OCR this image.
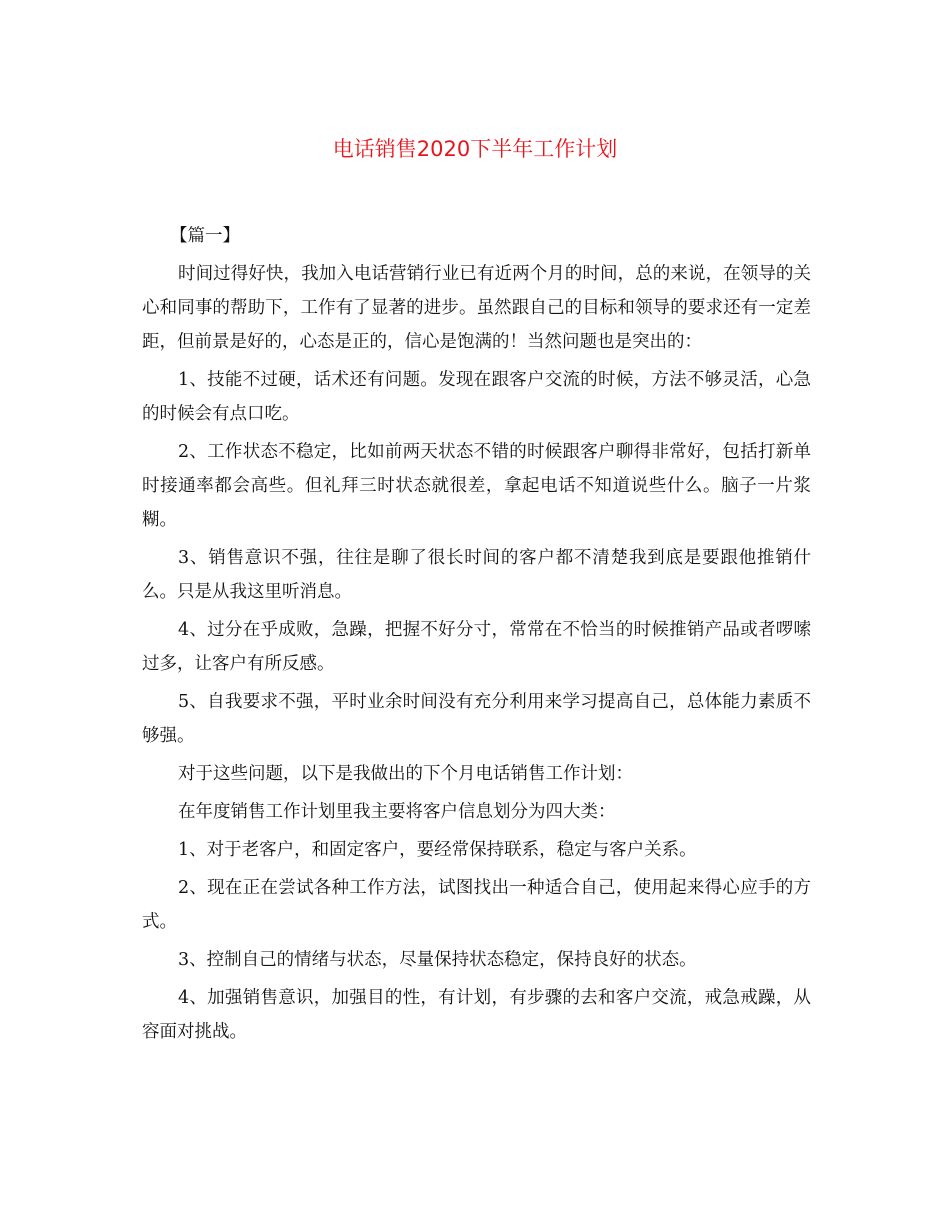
电话销售2020下半年工作计划

【篇一】

时间过得好快，我加入电话营销行业已有近两个月的时间，总的来说，在领导的关心和同事的帮助下，工作有了显著的进步。虽然跟自己的目标和领导的要求还有一定差距，但前景是好的，心态是正的，信心是饱满的！当然问题也是突出的：

1、技能不过硬，话术还有问题。发现在跟客户交流的时候，方法不够灵活，心急的时候会有点口吃。

2、工作状态不稳定，比如前两天状态不错的时候跟客户聊得非常好，包括打新单时接通率都会高些。但礼拜三时状态就很差，拿起电话不知道说些什么。脑子一片浆糊。

3、销售意识不强，往往是聊了很长时间的客户都不清楚我到底是要跟他推销什么。只是从我这里听消息。

4、过分在乎成败，急躁，把握不好分寸，常常在不恰当的时候推销产品或者啰嗦过多，让客户有所反感。

5、自我要求不强，平时业余时间没有充分利用来学习提高自己，总体能力素质不够强。

对于这些问题，以下是我做出的下个月电话销售工作计划：

在年度销售工作计划里我主要将客户信息划分为四大类：

1、对于老客户，和固定客户，要经常保持联系，稳定与客户关系。

2、现在正在尝试各种工作方法，试图找出一种适合自己，使用起来得心应手的方式。

3、控制自己的情绪与状态，尽量保持状态稳定，保持良好的状态。

4、加强销售意识，加强目的性，有计划，有步骤的去和客户交流，戒急戒躁，从容面对挑战。
